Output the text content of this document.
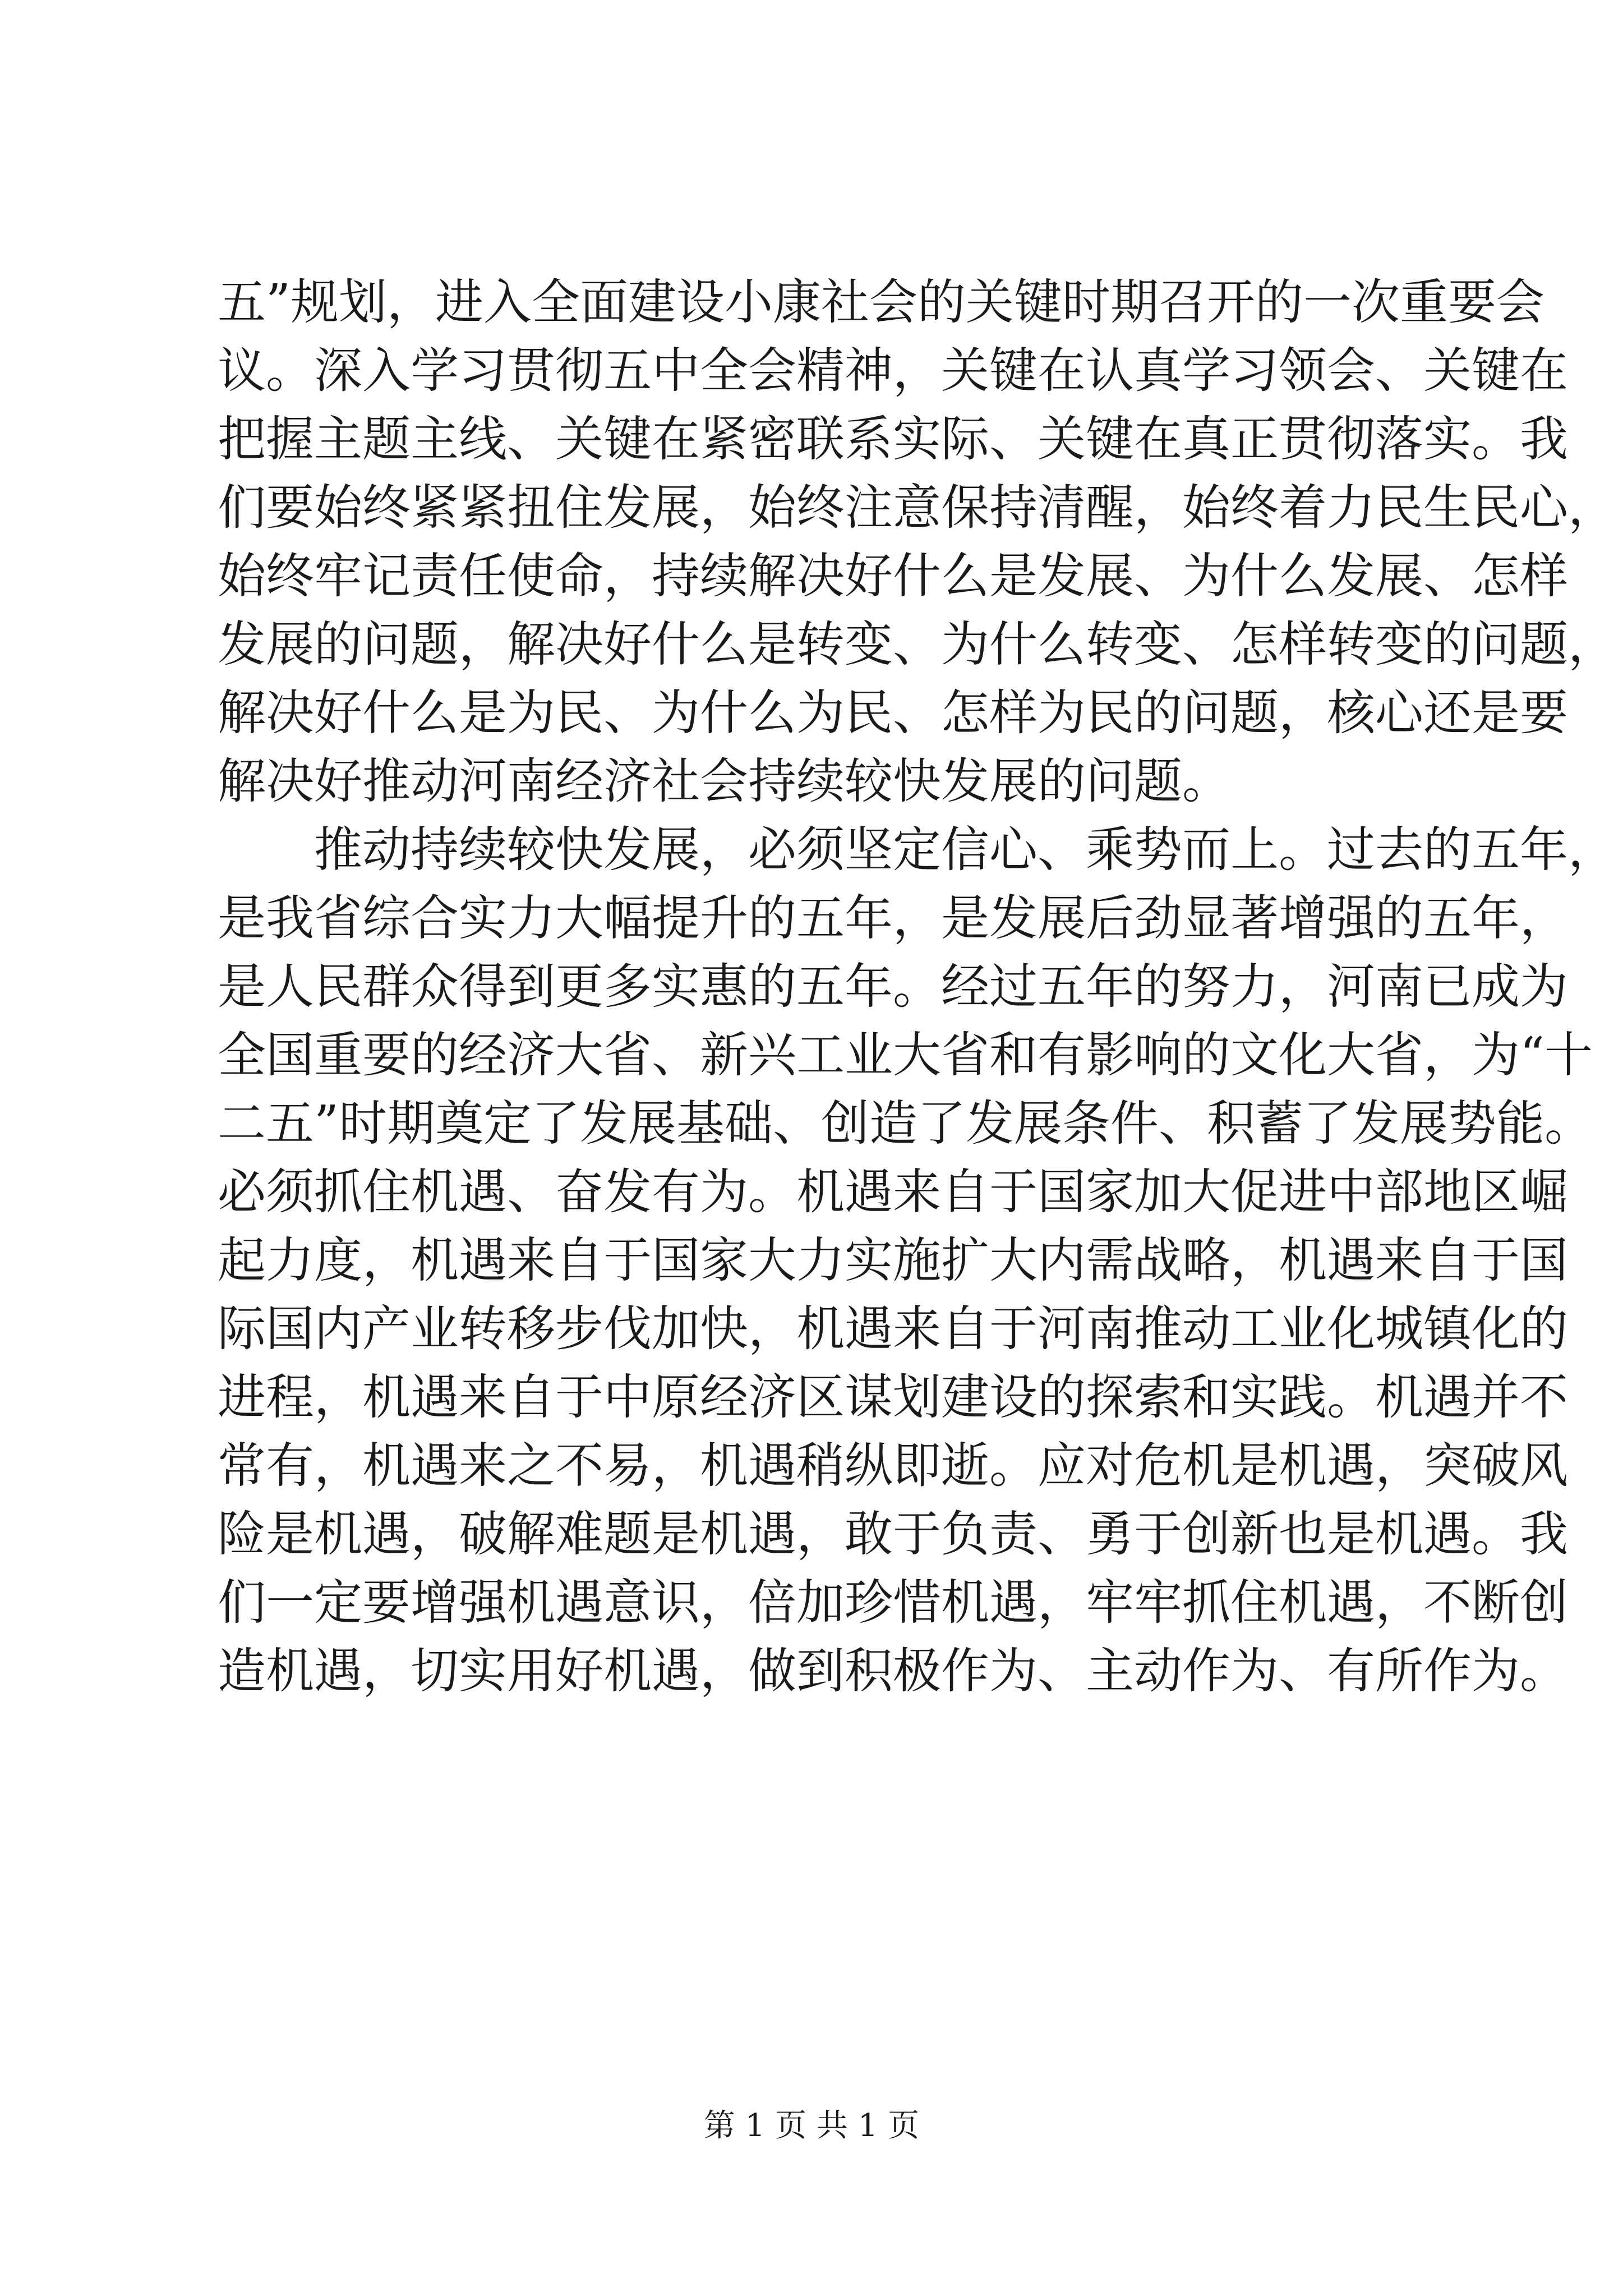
五”规划，进入全面建设小康社会的关键时期召开的一次重要会
议。深入学习贯彻五中全会精神，关键在认真学习领会、关键在
把握主题主线、关键在紧密联系实际、关键在真正贯彻落实。我
们要始终紧紧扭住发展，始终注意保持清醒，始终着力民生民心，
始终牢记责任使命，持续解决好什么是发展、为什么发展、怎样
发展的问题，解决好什么是转变、为什么转变、怎样转变的问题，
解决好什么是为民、为什么为民、怎样为民的问题，核心还是要
解决好推动河南经济社会持续较快发展的问题。
推动持续较快发展，必须坚定信心、乘势而上。过去的五年，
是我省综合实力大幅提升的五年，是发展后劲显著增强的五年，
是人民群众得到更多实惠的五年。经过五年的努力，河南已成为
全国重要的经济大省、新兴工业大省和有影响的文化大省，为“十
二五”时期奠定了发展基础、创造了发展条件、积蓄了发展势能。
必须抓住机遇、奋发有为。机遇来自于国家加大促进中部地区崛
起力度，机遇来自于国家大力实施扩大内需战略，机遇来自于国
际国内产业转移步伐加快，机遇来自于河南推动工业化城镇化的
进程，机遇来自于中原经济区谋划建设的探索和实践。机遇并不
常有，机遇来之不易，机遇稍纵即逝。应对危机是机遇，突破风
险是机遇，破解难题是机遇，敢于负责、勇于创新也是机遇。我
们一定要增强机遇意识，倍加珍惜机遇，牢牢抓住机遇，不断创
造机遇，切实用好机遇，做到积极作为、主动作为、有所作为。
第 1 页 共 1 页
